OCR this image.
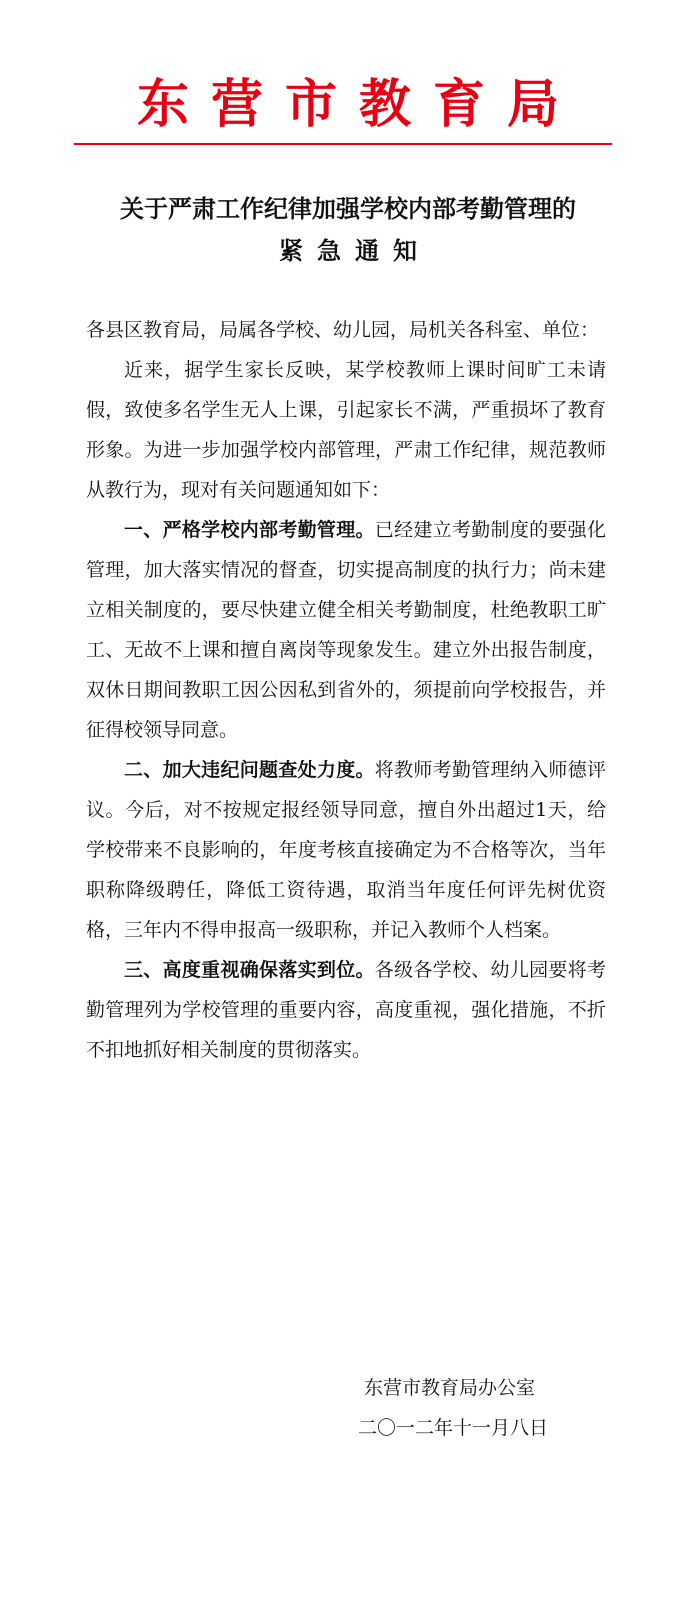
东营市教育局
关于严肃工作纪律加强学校内部考勤管理的
紧急通知

各县区教育局，局属各学校、幼儿园，局机关各科室、单位：

近来，据学生家长反映，某学校教师上课时间旷工未请假，致使多名学生无人上课，引起家长不满，严重损坏了教育形象。为进一步加强学校内部管理，严肃工作纪律，规范教师从教行为，现对有关问题通知如下：

一、严格学校内部考勤管理。已经建立考勤制度的要强化管理，加大落实情况的督查，切实提高制度的执行力；尚未建立相关制度的，要尽快建立健全相关考勤制度，杜绝教职工旷工、无故不上课和擅自离岗等现象发生。建立外出报告制度，双休日期间教职工因公因私到省外的，须提前向学校报告，并征得校领导同意。

二、加大违纪问题查处力度。将教师考勤管理纳入师德评议。今后，对不按规定报经领导同意，擅自外出超过1天，给学校带来不良影响的，年度考核直接确定为不合格等次，当年职称降级聘任，降低工资待遇，取消当年度任何评先树优资格，三年内不得申报高一级职称，并记入教师个人档案。

三、高度重视确保落实到位。各级各学校、幼儿园要将考勤管理列为学校管理的重要内容，高度重视，强化措施，不折不扣地抓好相关制度的贯彻落实。

东营市教育局办公室
二〇一二年十一月八日
